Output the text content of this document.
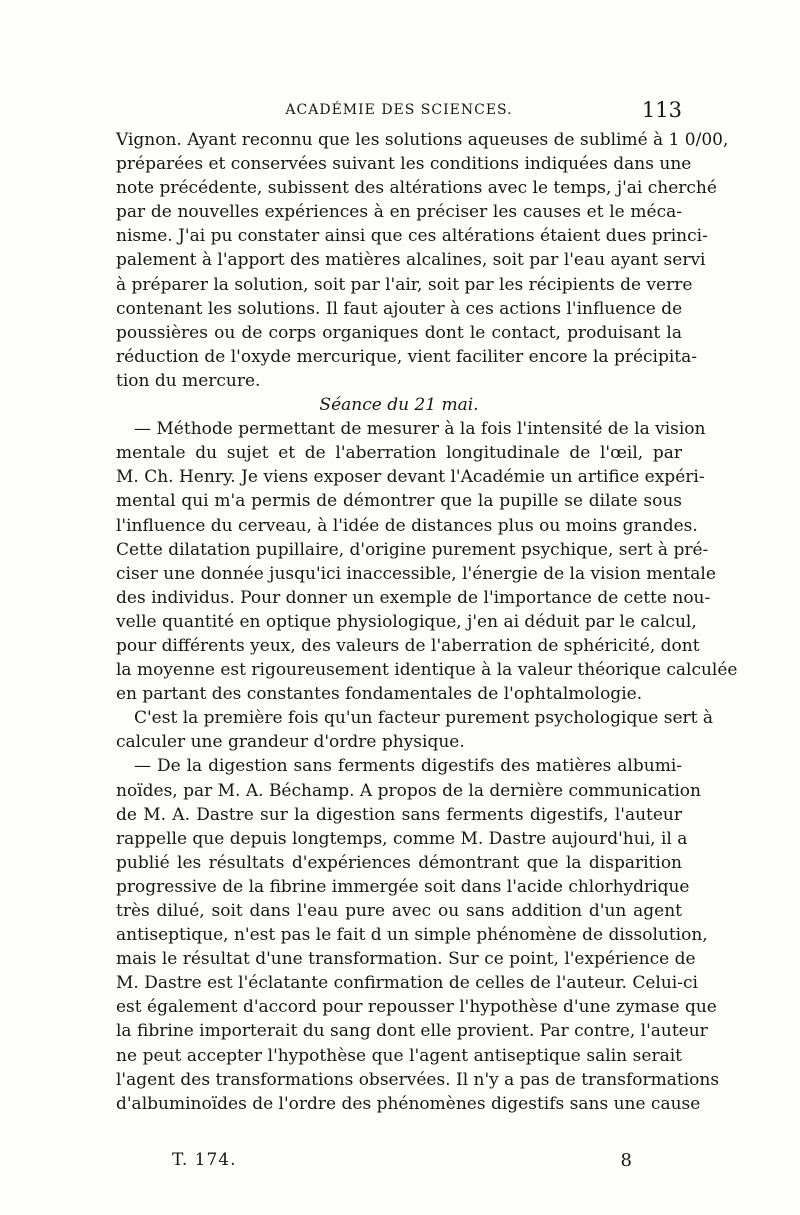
ACADÉMIE DES SCIENCES.	113
Vignon. Ayant reconnu que les solutions aqueuses de sublimé à 1 0/00,
préparées et conservées suivant les conditions indiquées dans une
note précédente, subissent des altérations avec le temps, j'ai cherché
par de nouvelles expériences à en préciser les causes et le méca-
nisme. J'ai pu constater ainsi que ces altérations étaient dues princi-
palement à l'apport des matières alcalines, soit par l'eau ayant servi
à préparer la solution, soit par l'air, soit par les récipients de verre
contenant les solutions. Il faut ajouter à ces actions l'influence de
poussières ou de corps organiques dont le contact, produisant la
réduction de l'oxyde mercurique, vient faciliter encore la précipita-
tion du mercure.
Séance du 21 mai.
— Méthode permettant de mesurer à la fois l'intensité de la vision
mentale du sujet et de l'aberration longitudinale de l'œil, par
M. Ch. Henry. Je viens exposer devant l'Académie un artifice expéri-
mental qui m'a permis de démontrer que la pupille se dilate sous
l'influence du cerveau, à l'idée de distances plus ou moins grandes.
Cette dilatation pupillaire, d'origine purement psychique, sert à pré-
ciser une donnée jusqu'ici inaccessible, l'énergie de la vision mentale
des individus. Pour donner un exemple de l'importance de cette nou-
velle quantité en optique physiologique, j'en ai déduit par le calcul,
pour différents yeux, des valeurs de l'aberration de sphéricité, dont
la moyenne est rigoureusement identique à la valeur théorique calculée
en partant des constantes fondamentales de l'ophtalmologie.
C'est la première fois qu'un facteur purement psychologique sert à
calculer une grandeur d'ordre physique.
— De la digestion sans ferments digestifs des matières albumi-
noïdes, par M. A. Béchamp. A propos de la dernière communication
de M. A. Dastre sur la digestion sans ferments digestifs, l'auteur
rappelle que depuis longtemps, comme M. Dastre aujourd'hui, il a
publié les résultats d'expériences démontrant que la disparition
progressive de la fibrine immergée soit dans l'acide chlorhydrique
très dilué, soit dans l'eau pure avec ou sans addition d'un agent
antiseptique, n'est pas le fait d un simple phénomène de dissolution,
mais le résultat d'une transformation. Sur ce point, l'expérience de
M. Dastre est l'éclatante confirmation de celles de l'auteur. Celui-ci
est également d'accord pour repousser l'hypothèse d'une zymase que
la fibrine importerait du sang dont elle provient. Par contre, l'auteur
ne peut accepter l'hypothèse que l'agent antiseptique salin serait
l'agent des transformations observées. Il n'y a pas de transformations
d'albuminoïdes de l'ordre des phénomènes digestifs sans une cause
T. 174.	8
